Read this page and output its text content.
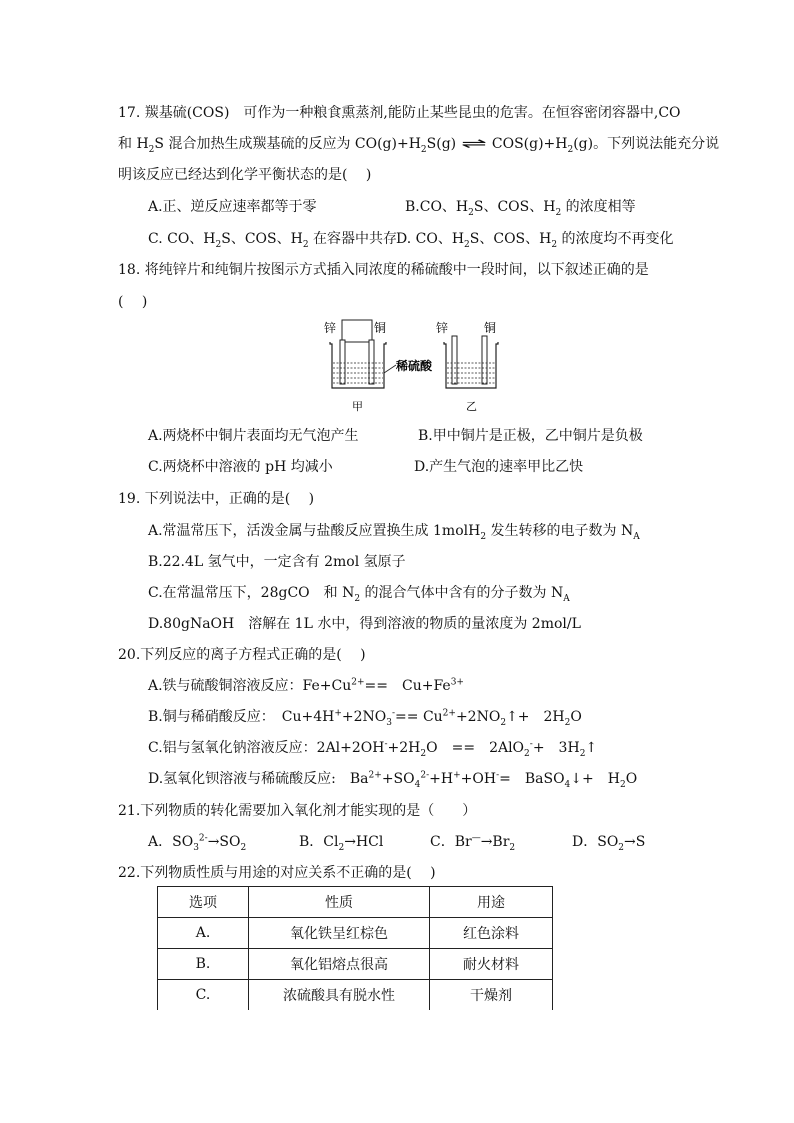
17. 羰基硫(COS)　可作为一种粮食熏蒸剂,能防止某些昆虫的危害。在恒容密闭容器中,CO
和 $H_2S$ 混合加热生成羰基硫的反应为 $CO(g)+H_2S(g)$ ⇌ $COS(g)+H_2(g)$。下列说法能充分说
明该反应已经达到化学平衡状态的是(　 )
A.正、逆反应速率都等于零	B.CO、$H_2S$、COS、$H_2$ 的浓度相等
C. CO、$H_2S$、COS、$H_2$ 在容器中共存
D. CO、$H_2S$、COS、$H_2$ 的浓度均不再变化
18. 将纯锌片和纯铜片按图示方式插入同浓度的稀硫酸中一段时间，以下叙述正确的是
(　 )
锌	铜
甲
稀硫酸
锌	铜
乙
A.两烧杯中铜片表面均无气泡产生	B.甲中铜片是正极，乙中铜片是负极
C.两烧杯中溶液的 pH 均减小	D.产生气泡的速率甲比乙快
19. 下列说法中，正确的是(　 )
A.常温常压下，活泼金属与盐酸反应置换生成 1molH$_2$ 发生转移的电子数为 $N_A$
B.22.4L 氢气中，一定含有 2mol 氢原子
C.在常温常压下，28gCO　和 $N_2$ 的混合气体中含有的分子数为 $N_A$
D.80gNaOH　溶解在 1L 水中，得到溶液的物质的量浓度为 2mol/L
20.下列反应的离子方程式正确的是(　 )
A.铁与硫酸铜溶液反应：$Fe+Cu^{2+}==$　$Cu+Fe^{3+}$
B.铜与稀硝酸反应：　$Cu+4H^++2NO_3^-==$ $Cu^{2+}+2NO_2↑+$　$2H_2O$
C.铝与氢氧化钠溶液反应：$2Al+2OH^-+2H_2O$　==　2AlO$_2$-+　$3H_2↑$
D.氢氧化钡溶液与稀硫酸反应:　$Ba^{2+}+SO_4^{2-}+H^++OH^-=$　BaSO$_4$↓+　$H_2O$
21.下列物质的转化需要加入氧化剂才能实现的是（　　）
A．$SO_3^{2-}\to SO_2$	B．$Cl_2\to HCl$	C．$Br^—\to Br_2$	D．$SO_2\to S$
22.下列物质性质与用途的对应关系不正确的是(　 )
选项	性质	用途
A.	氧化铁呈红棕色	红色涂料
B.	氧化铝熔点很高	耐火材料
C.	浓硫酸具有脱水性	干燥剂
